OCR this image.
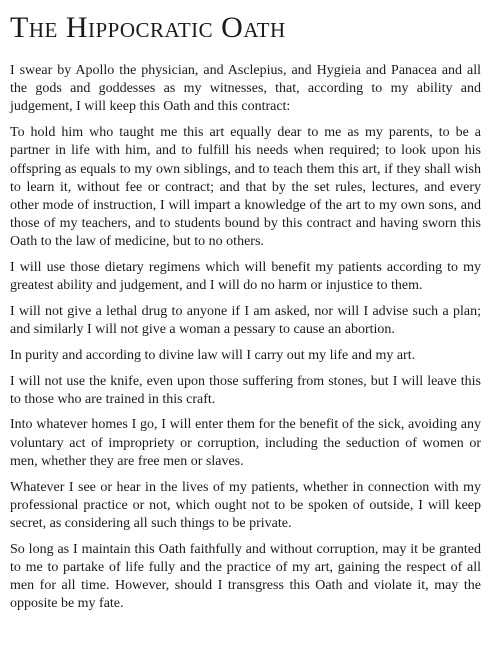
The Hippocratic Oath

I swear by Apollo the physician, and Asclepius, and Hygieia and Panacea and all the gods and goddesses as my witnesses, that, according to my ability and judgement, I will keep this Oath and this contract:

To hold him who taught me this art equally dear to me as my parents, to be a partner in life with him, and to fulfill his needs when required; to look upon his offspring as equals to my own siblings, and to teach them this art, if they shall wish to learn it, without fee or contract; and that by the set rules, lectures, and every other mode of instruction, I will impart a knowledge of the art to my own sons, and those of my teachers, and to students bound by this contract and having sworn this Oath to the law of medicine, but to no others.

I will use those dietary regimens which will benefit my patients according to my greatest ability and judgement, and I will do no harm or injustice to them.

I will not give a lethal drug to anyone if I am asked, nor will I advise such a plan; and similarly I will not give a woman a pessary to cause an abortion.

In purity and according to divine law will I carry out my life and my art.

I will not use the knife, even upon those suffering from stones, but I will leave this to those who are trained in this craft.

Into whatever homes I go, I will enter them for the benefit of the sick, avoiding any voluntary act of impropriety or corruption, including the seduction of women or men, whether they are free men or slaves.

Whatever I see or hear in the lives of my patients, whether in connection with my professional practice or not, which ought not to be spoken of outside, I will keep secret, as considering all such things to be private.

So long as I maintain this Oath faithfully and without corruption, may it be granted to me to partake of life fully and the practice of my art, gaining the respect of all men for all time. However, should I transgress this Oath and violate it, may the opposite be my fate.
